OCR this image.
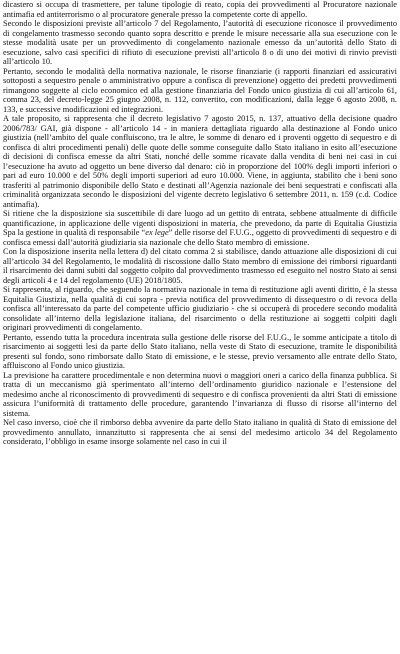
dicastero si occupa di trasmettere, per talune tipologie di reato, copia dei provvedimenti al Procuratore nazionale antimafia ed antiterrorismo o al procuratore generale presso la competente corte di appello.

Secondo le disposizioni previste all’articolo 7 del Regolamento, l’autorità di esecuzione riconosce il provvedimento di congelamento trasmesso secondo quanto sopra descritto e prende le misure necessarie alla sua esecuzione con le stesse modalità usate per un provvedimento di congelamento nazionale emesso da un’autorità dello Stato di esecuzione, salvo casi specifici di rifiuto di esecuzione previsti all’articolo 8 o di uno dei motivi di rinvio previsti all’articolo 10.

Pertanto, secondo le modalità della normativa nazionale, le risorse finanziarie (i rapporti finanziari ed assicurativi sottoposti a sequestro penale o amministrativo oppure a confisca di prevenzione) oggetto dei predetti provvedimenti rimangono soggette al ciclo economico ed alla gestione finanziaria del Fondo unico giustizia di cui all’articolo 61, comma 23, del decreto-legge 25 giugno 2008, n. 112, convertito, con modificazioni, dalla legge 6 agosto 2008, n. 133, e successive modificazioni ed integrazioni.

A tale proposito, si rappresenta che il decreto legislativo 7 agosto 2015, n. 137, attuativo della decisione quadro 2006/783/ GAI, già dispone - all’articolo 14 - in maniera dettagliata riguardo alla destinazione al Fondo unico giustizia (nell’ambito del quale confluiscono, tra le altre, le somme di denaro ed i proventi oggetto di sequestro e di confisca di altri procedimenti penali) delle quote delle somme conseguite dallo Stato italiano in esito all’esecuzione di decisioni di confisca emesse da altri Stati, nonché delle somme ricavate dalla vendita di beni nei casi in cui l’esecuzione ha avuto ad oggetto un bene diverso dal denaro: ciò in proporzione del 100% degli importi inferiori o pari ad euro 10.000 e del 50% degli importi superiori ad euro 10.000. Viene, in aggiunta, stabilito che i beni sono trasferiti al patrimonio disponibile dello Stato e destinati all’Agenzia nazionale dei beni sequestrati e confiscati alla criminalità organizzata secondo le disposizioni del vigente decreto legislativo 6 settembre 2011, n. 159 (c.d. Codice antimafia).

Si ritiene che la disposizione sia suscettibile di dare luogo ad un gettito di entrata, sebbene attualmente di difficile quantificazione, in applicazione delle vigenti disposizioni in materia, che prevedono, da parte di Equitalia Giustizia Spa la gestione in qualità di responsabile “ex lege” delle risorse del F.U.G., oggetto di provvedimenti di sequestro e di confisca emessi dall’autorità giudiziaria sia nazionale che dello Stato membro di emissione.

Con la disposizione inserita nella lettera d) del citato comma 2 si stabilisce, dando attuazione alle disposizioni di cui all’articolo 34 del Regolamento, le modalità di riscossione dallo Stato membro di emissione dei rimborsi riguardanti il risarcimento dei danni subiti dal soggetto colpito dal provvedimento trasmesso ed eseguito nel nostro Stato ai sensi degli articoli 4 e 14 del regolamento (UE) 2018/1805.

Si rappresenta, al riguardo, che seguendo la normativa nazionale in tema di restituzione agli aventi diritto, è la stessa Equitalia Giustizia, nella qualità di cui sopra - previa notifica del provvedimento di dissequestro o di revoca della confisca all’interessato da parte del competente ufficio giudiziario - che si occuperà di procedere secondo modalità consolidate all’interno della legislazione italiana, del risarcimento o della restituzione ai soggetti colpiti dagli originari provvedimenti di congelamento.

Pertanto, essendo tutta la procedura incentrata sulla gestione delle risorse del F.U.G., le somme anticipate a titolo di risarcimento ai soggetti lesi da parte dello Stato italiano, nella veste di Stato di esecuzione, tramite le disponibilità presenti sul fondo, sono rimborsate dallo Stato di emissione, e le stesse, previo versamento alle entrate dello Stato, affluiscono al Fondo unico giustizia.

La previsione ha carattere procedimentale e non determina nuovi o maggiori oneri a carico della finanza pubblica. Si tratta di un meccanismo già sperimentato all’interno dell’ordinamento giuridico nazionale e l’estensione del medesimo anche al riconoscimento di provvedimenti di sequestro e di confisca provenienti da altri Stati di emissione assicura l’uniformità di trattamento delle procedure, garantendo l’invarianza di flusso di risorse all’interno del sistema.

Nel caso inverso, cioè che il rimborso debba avvenire da parte dello Stato italiano in qualità di Stato di emissione del provvedimento annullato, innanzitutto si rappresenta che ai sensi del medesimo articolo 34 del Regolamento considerato, l’obbligo in esame insorge solamente nel caso in cui il
